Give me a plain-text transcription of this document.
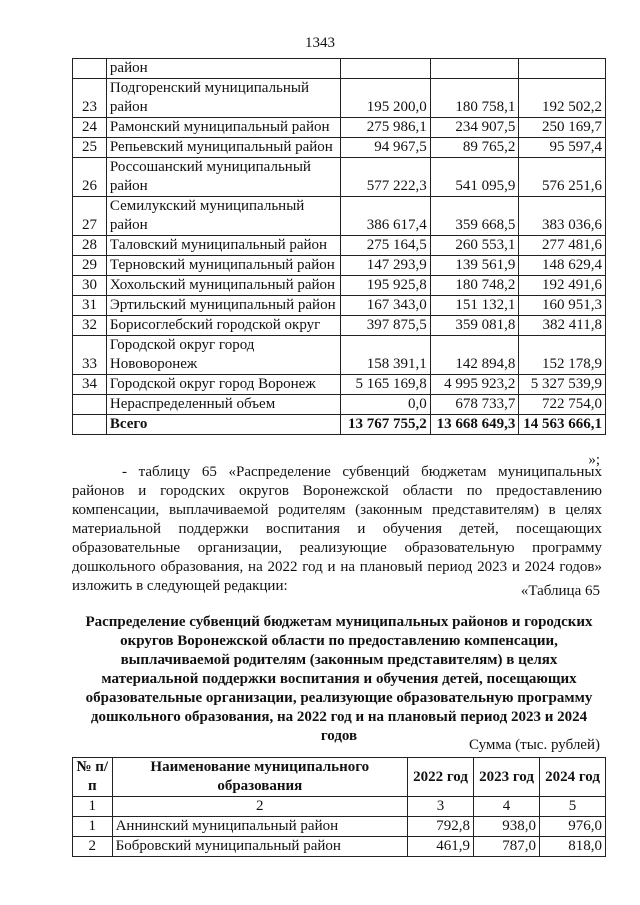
1343
	район			
23	Подгоренский муниципальный район	195 200,0	180 758,1	192 502,2
24	Рамонский муниципальный район	275 986,1	234 907,5	250 169,7
25	Репьевский муниципальный район	94 967,5	89 765,2	95 597,4
26	Россошанский муниципальный район	577 222,3	541 095,9	576 251,6
27	Семилукский муниципальный район	386 617,4	359 668,5	383 036,6
28	Таловский муниципальный район	275 164,5	260 553,1	277 481,6
29	Терновский муниципальный район	147 293,9	139 561,9	148 629,4
30	Хохольский муниципальный район	195 925,8	180 748,2	192 491,6
31	Эртильский муниципальный район	167 343,0	151 132,1	160 951,3
32	Борисоглебский городской округ	397 875,5	359 081,8	382 411,8
33	Городской округ город Нововоронеж	158 391,1	142 894,8	152 178,9
34	Городской округ город Воронеж	5 165 169,8	4 995 923,2	5 327 539,9
	Нераспределенный объем	0,0	678 733,7	722 754,0
	Всего	13 767 755,2	13 668 649,3	14 563 666,1
»;

- таблицу 65 «Распределение субвенций бюджетам муниципальных районов и городских округов Воронежской области по предоставлению компенсации, выплачиваемой родителям (законным представителям) в целях материальной поддержки воспитания и обучения детей, посещающих образовательные организации, реализующие образовательную программу дошкольного образования, на 2022 год и на плановый период 2023 и 2024 годов» изложить в следующей редакции:	«Таблица 65

Распределение субвенций бюджетам муниципальных районов и городских округов Воронежской области по предоставлению компенсации, выплачиваемой родителям (законным представителям) в целях материальной поддержки воспитания и обучения детей, посещающих образовательные организации, реализующие образовательную программу дошкольного образования, на 2022 год и на плановый период 2023 и 2024 годов

Сумма (тыс. рублей)
№ п/п	Наименование муниципального образования	2022 год	2023 год	2024 год
1	2	3	4	5
1	Аннинский муниципальный район	792,8	938,0	976,0
2	Бобровский муниципальный район	461,9	787,0	818,0
